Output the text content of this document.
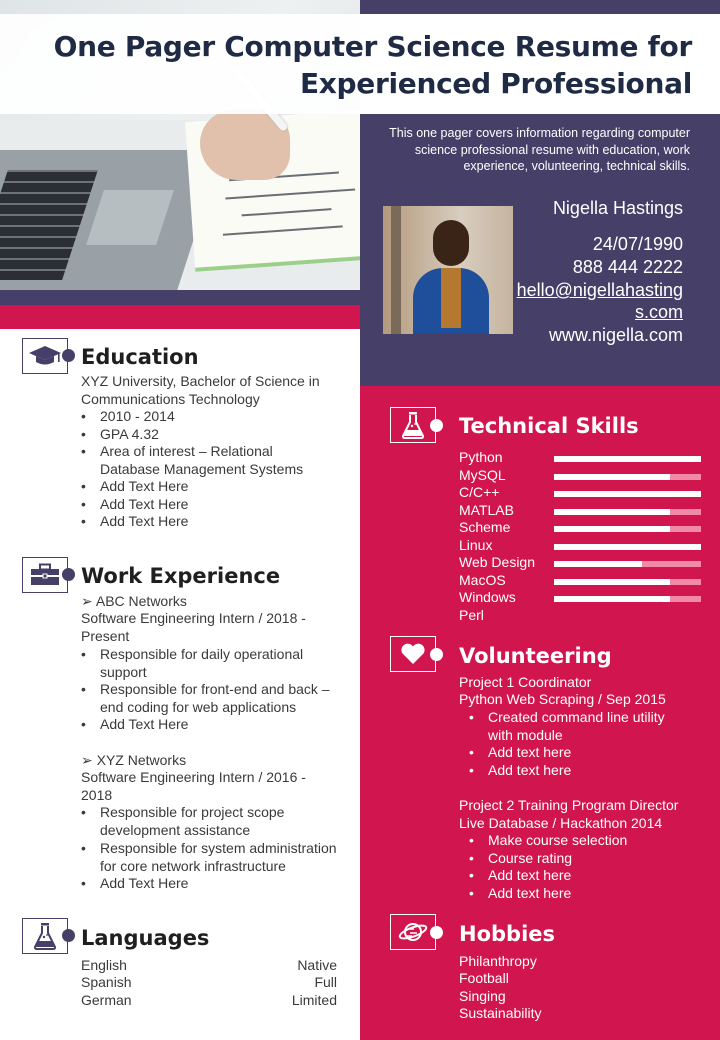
One Pager Computer Science Resume for Experienced Professional
This one pager covers information regarding computer science professional resume with education, work experience, volunteering, technical skills.
Nigella Hastings
24/07/1990
888 444 2222
hello@nigellahastings.com
www.nigella.com
Education
XYZ University, Bachelor of Science in Communications Technology
• 2010 - 2014
• GPA 4.32
• Area of interest – Relational Database Management Systems
• Add Text Here
• Add Text Here
• Add Text Here
Work Experience
➢ ABC Networks
Software Engineering Intern / 2018 - Present
• Responsible for daily operational support
• Responsible for front-end and back – end coding for web applications
• Add Text Here
➢ XYZ Networks
Software Engineering Intern / 2016 - 2018
• Responsible for project scope development assistance
• Responsible for system administration for core network infrastructure
• Add Text Here
Languages
English	Native
Spanish	Full
German	Limited
Technical Skills
Python
MySQL
C/C++
MATLAB
Scheme
Linux
Web Design
MacOS
Windows
Perl
Volunteering
Project 1 Coordinator
Python Web Scraping / Sep 2015
• Created command line utility with module
• Add text here
• Add text here
Project 2 Training Program Director
Live Database / Hackathon 2014
• Make course selection
• Course rating
• Add text here
• Add text here
Hobbies
Philanthropy
Football
Singing
Sustainability
